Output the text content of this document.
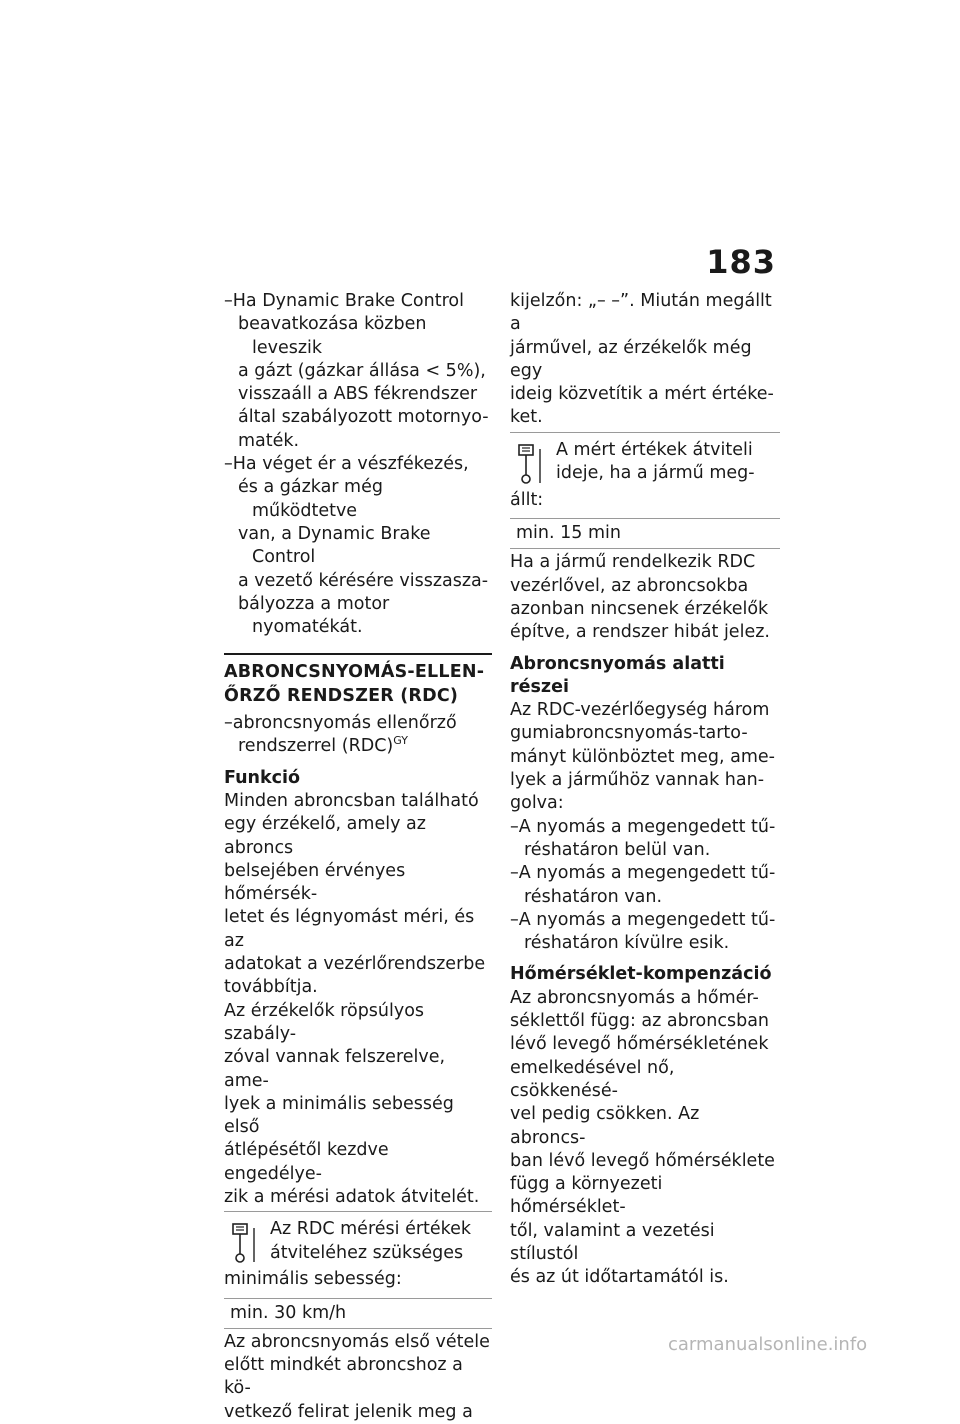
183
–Ha Dynamic Brake Control
beavatkozása közben leveszik
a gázt (gázkar állása < 5%),
visszaáll a ABS fékrendszer
által szabályozott motornyo-
maték.
–Ha véget ér a vészfékezés,
és a gázkar még működtetve
van, a Dynamic Brake Control
a vezető kérésére visszasza-
bályozza a motor nyomatékát.
ABRONCSNYOMÁS-ELLEN-
ŐRZŐ RENDSZER (RDC)
–abroncsnyomás ellenőrző
rendszerrel (RDC)$^{GY}$
Funkció
Minden abroncsban található
egy érzékelő, amely az abroncs
belsejében érvényes hőmérsék-
letet és légnyomást méri, és az
adatokat a vezérlőrendszerbe
továbbítja.
Az érzékelők röpsúlyos szabály-
zóval vannak felszerelve, ame-
lyek a minimális sebesség első
átlépésétől kezdve engedélye-
zik a mérési adatok átvitelét.
Az RDC mérési értékek
átviteléhez szükséges
minimális sebesség:
min. 30 km/h
Az abroncsnyomás első vétele
előtt mindkét abroncshoz a kö-
vetkező felirat jelenik meg a
kijelzőn: „– –”. Miután megállt a
járművel, az érzékelők még egy
ideig közvetítik a mért értéke-
ket.
A mért értékek átviteli
ideje, ha a jármű meg-
állt:
min. 15 min
Ha a jármű rendelkezik RDC
vezérlővel, az abroncsokba
azonban nincsenek érzékelők
építve, a rendszer hibát jelez.
Abroncsnyomás alatti részei
Az RDC-vezérlőegység három
gumiabroncsnyomás-tarto-
mányt különböztet meg, ame-
lyek a járműhöz vannak han-
golva:
–A nyomás a megengedett tű-
réshatáron belül van.
–A nyomás a megengedett tű-
réshatáron van.
–A nyomás a megengedett tű-
réshatáron kívülre esik.
Hőmérséklet-kompenzáció
Az abroncsnyomás a hőmér-
séklettől függ: az abroncsban
lévő levegő hőmérsékletének
emelkedésével nő, csökkenésé-
vel pedig csökken. Az abroncs-
ban lévő levegő hőmérséklete
függ a környezeti hőmérséklet-
től, valamint a vezetési stílustól
és az út időtartamától is.
carmanualsonline.info
